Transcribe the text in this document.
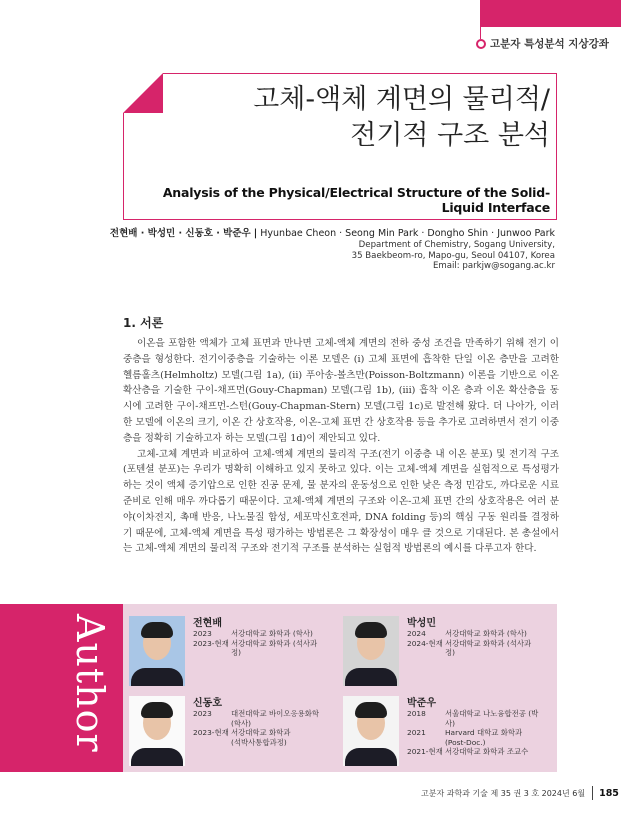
고분자 특성분석 지상강좌
고체-액체 계면의 물리적/
전기적 구조 분석
Analysis of the Physical/Electrical Structure of the Solid-Liquid Interface
전현배 · 박성민 · 신동호 · 박준우 | Hyunbae Cheon · Seong Min Park · Dongho Shin · Junwoo Park
Department of Chemistry, Sogang University,
35 Baekbeom-ro, Mapo-gu, Seoul 04107, Korea
Email: parkjw@sogang.ac.kr
1. 서론

이온을 포함한 액체가 고체 표면과 만나면 고체-액체 계면의 전하 중성 조건을 만족하기 위해 전기 이중층을 형성한다. 전기이중층을 기술하는 이론 모델은 (i) 고체 표면에 흡착한 단일 이온 층만을 고려한 헬름홀츠(Helmholtz) 모델(그림 1a), (ii) 푸아송-볼츠만(Poisson-Boltzmann) 이론을 기반으로 이온 확산층을 기술한 구이-채프먼(Gouy-Chapman) 모델(그림 1b), (iii) 흡착 이온 층과 이온 확산층을 동시에 고려한 구이-채프먼-스턴(Gouy-Chapman-Stern) 모델(그림 1c)로 발전해 왔다. 더 나아가, 이러한 모델에 이온의 크기, 이온 간 상호작용, 이온-고체 표면 간 상호작용 등을 추가로 고려하면서 전기 이중층을 정확히 기술하고자 하는 모델(그림 1d)이 제안되고 있다.

고체-고체 계면과 비교하여 고체-액체 계면의 물리적 구조(전기 이중층 내 이온 분포) 및 전기적 구조(포텐셜 분포)는 우리가 명확히 이해하고 있지 못하고 있다. 이는 고체-액체 계면을 실험적으로 특성평가하는 것이 액체 증기압으로 인한 진공 문제, 물 분자의 운동성으로 인한 낮은 측정 민감도, 까다로운 시료 준비로 인해 매우 까다롭기 때문이다. 고체-액체 계면의 구조와 이온-고체 표면 간의 상호작용은 여러 분야(이차전지, 촉매 반응, 나노물질 합성, 세포막신호전파, DNA folding 등)의 핵심 구동 원리를 결정하기 때문에, 고체-액체 계면을 특성 평가하는 방법론은 그 확장성이 매우 클 것으로 기대된다. 본 총설에서는 고체-액체 계면의 물리적 구조와 전기적 구조를 분석하는 실험적 방법론의 예시를 다루고자 한다.

Author	전현배
2023	서강대학교 화학과 (학사)
2023-현재 서강대학교 화학과 (석사과정)
박성민
2024	서강대학교 화학과 (학사)
2024-현재 서강대학교 화학과 (석사과정)
신동호
2023	대전대학교 바이오응용화학 (학사)
2023-현재 서강대학교 화학과
(석박사통합과정)
박준우
2018	서울대학교 나노융합전공 (박사)
2021	Harvard 대학교 화학과
(Post-Doc.)
2021-현재 서강대학교 화학과 조교수
고분자 과학과 기술 제 35 권 3 호 2024년 6월 185
